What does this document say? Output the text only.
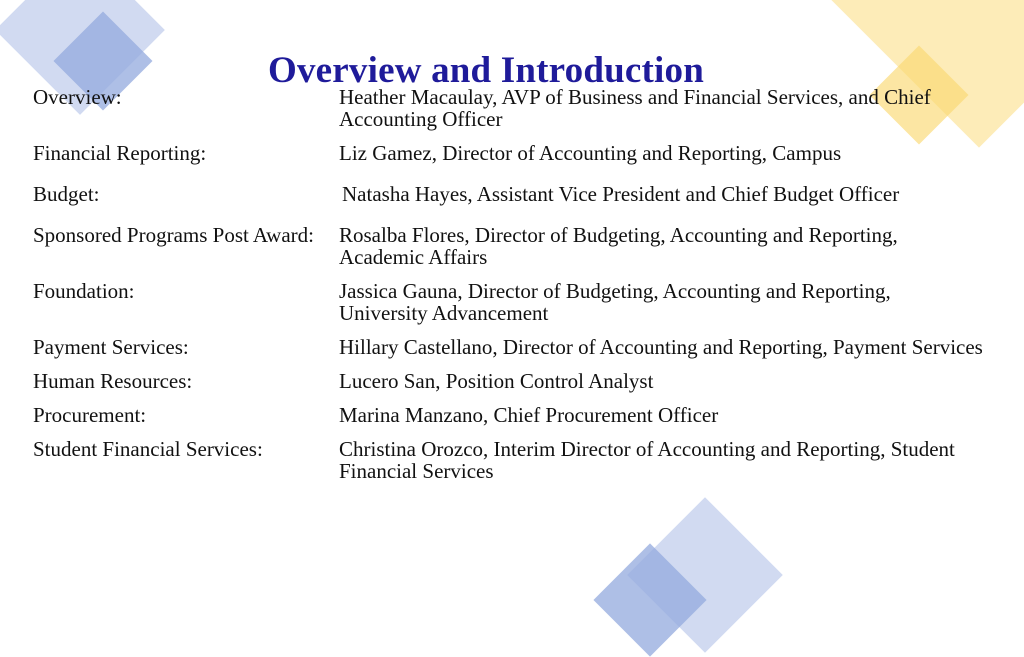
Overview and Introduction
Overview:	Heather Macaulay, AVP of Business and Financial Services, and Chief Accounting Officer
Financial Reporting:	Liz Gamez, Director of Accounting and Reporting, Campus
Budget:	Natasha Hayes, Assistant Vice President and Chief Budget Officer
Sponsored Programs Post Award:	Rosalba Flores, Director of Budgeting, Accounting and Reporting, Academic Affairs
Foundation:	Jassica Gauna, Director of Budgeting, Accounting and Reporting, University Advancement
Payment Services:	Hillary Castellano, Director of Accounting and Reporting, Payment Services
Human Resources:	Lucero San, Position Control Analyst
Procurement:	Marina Manzano, Chief Procurement Officer
Student Financial Services:	Christina Orozco, Interim Director of Accounting and Reporting, Student Financial Services
